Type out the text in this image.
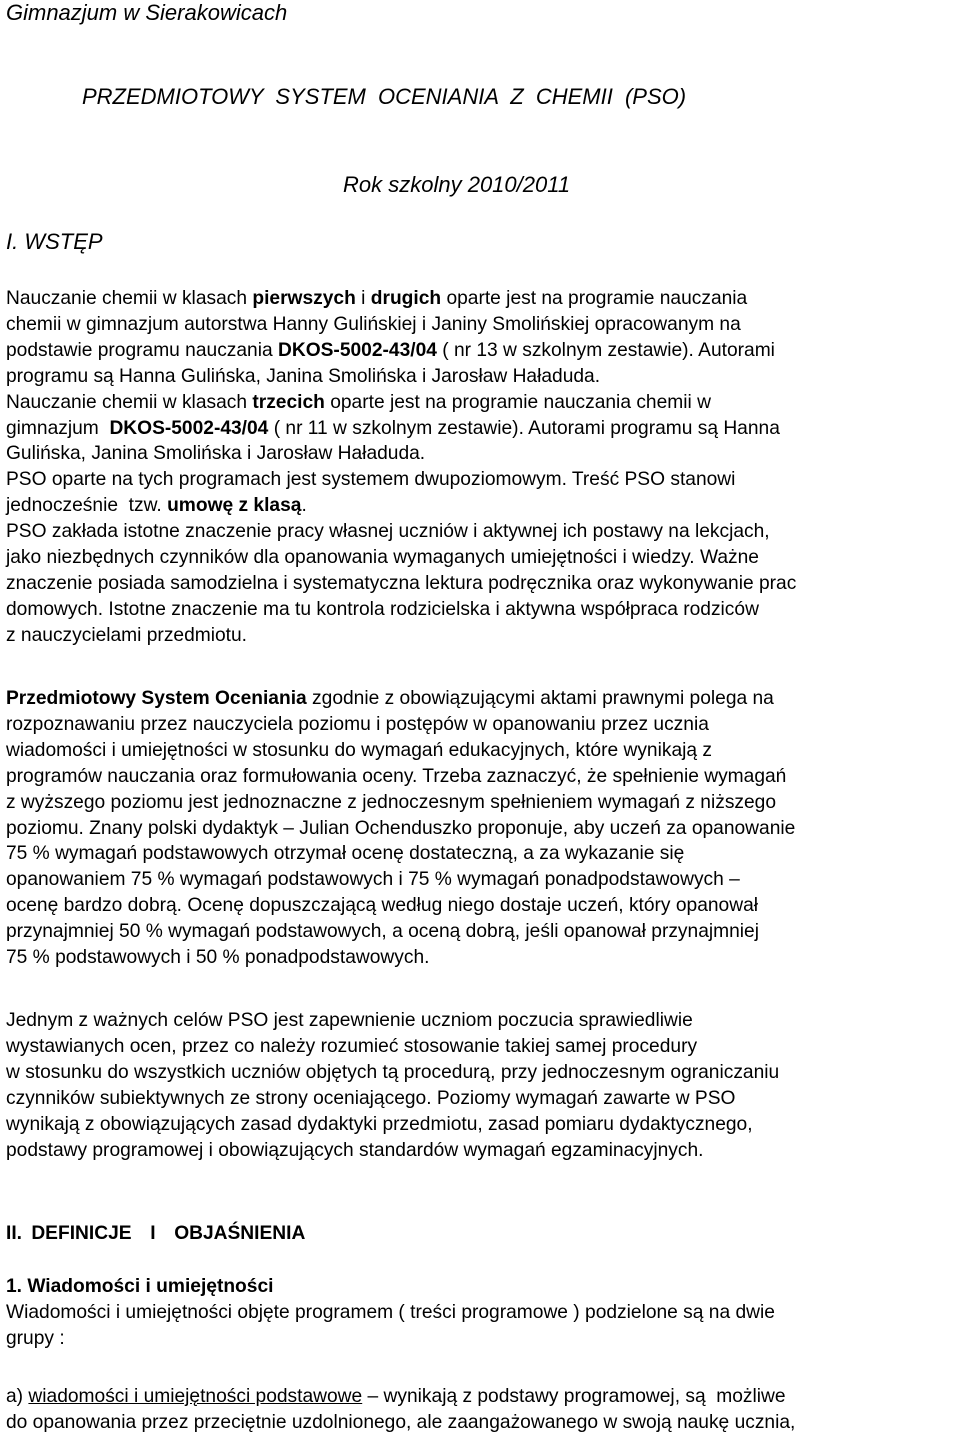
Gimnazjum w Sierakowicach
PRZEDMIOTOWY SYSTEM OCENIANIA Z CHEMII (PSO)
Rok szkolny 2010/2011
I. WSTĘP

Nauczanie chemii w klasach pierwszych i drugich oparte jest na programie nauczania

chemii w gimnazjum autorstwa Hanny Gulińskiej i Janiny Smolińskiej opracowanym na

podstawie programu nauczania DKOS-5002-43/04 ( nr 13 w szkolnym zestawie). Autorami

programu są Hanna Gulińska, Janina Smolińska i Jarosław Haładuda.

Nauczanie chemii w klasach trzecich oparte jest na programie nauczania chemii w

gimnazjum  DKOS-5002-43/04 ( nr 11 w szkolnym zestawie). Autorami programu są Hanna

Gulińska, Janina Smolińska i Jarosław Haładuda.

PSO oparte na tych programach jest systemem dwupoziomowym. Treść PSO stanowi

jednocześnie  tzw. umowę z klasą.

PSO zakłada istotne znaczenie pracy własnej uczniów i aktywnej ich postawy na lekcjach,

jako niezbędnych czynników dla opanowania wymaganych umiejętności i wiedzy. Ważne

znaczenie posiada samodzielna i systematyczna lektura podręcznika oraz wykonywanie prac

domowych. Istotne znaczenie ma tu kontrola rodzicielska i aktywna współpraca rodziców

z nauczycielami przedmiotu.

Przedmiotowy System Oceniania zgodnie z obowiązującymi aktami prawnymi polega na

rozpoznawaniu przez nauczyciela poziomu i postępów w opanowaniu przez ucznia

wiadomości i umiejętności w stosunku do wymagań edukacyjnych, które wynikają z

programów nauczania oraz formułowania oceny. Trzeba zaznaczyć, że spełnienie wymagań

z wyższego poziomu jest jednoznaczne z jednoczesnym spełnieniem wymagań z niższego

poziomu. Znany polski dydaktyk – Julian Ochenduszko proponuje, aby uczeń za opanowanie

75 % wymagań podstawowych otrzymał ocenę dostateczną, a za wykazanie się

opanowaniem 75 % wymagań podstawowych i 75 % wymagań ponadpodstawowych –

ocenę bardzo dobrą. Ocenę dopuszczającą według niego dostaje uczeń, który opanował

przynajmniej 50 % wymagań podstawowych, a oceną dobrą, jeśli opanował przynajmniej

75 % podstawowych i 50 % ponadpodstawowych.

Jednym z ważnych celów PSO jest zapewnienie uczniom poczucia sprawiedliwie

wystawianych ocen, przez co należy rozumieć stosowanie takiej samej procedury

w stosunku do wszystkich uczniów objętych tą procedurą, przy jednoczesnym ograniczaniu

czynników subiektywnych ze strony oceniającego. Poziomy wymagań zawarte w PSO

wynikają z obowiązujących zasad dydaktyki przedmiotu, zasad pomiaru dydaktycznego,

podstawy programowej i obowiązujących standardów wymagań egzaminacyjnych.

II. DEFINICJE  I  OBJAŚNIENIA
1. Wiadomości i umiejętności

Wiadomości i umiejętności objęte programem ( treści programowe ) podzielone są na dwie

grupy :

a) wiadomości i umiejętności podstawowe – wynikają z podstawy programowej, są  możliwe

do opanowania przez przeciętnie uzdolnionego, ale zaangażowanego w swoją naukę ucznia,
